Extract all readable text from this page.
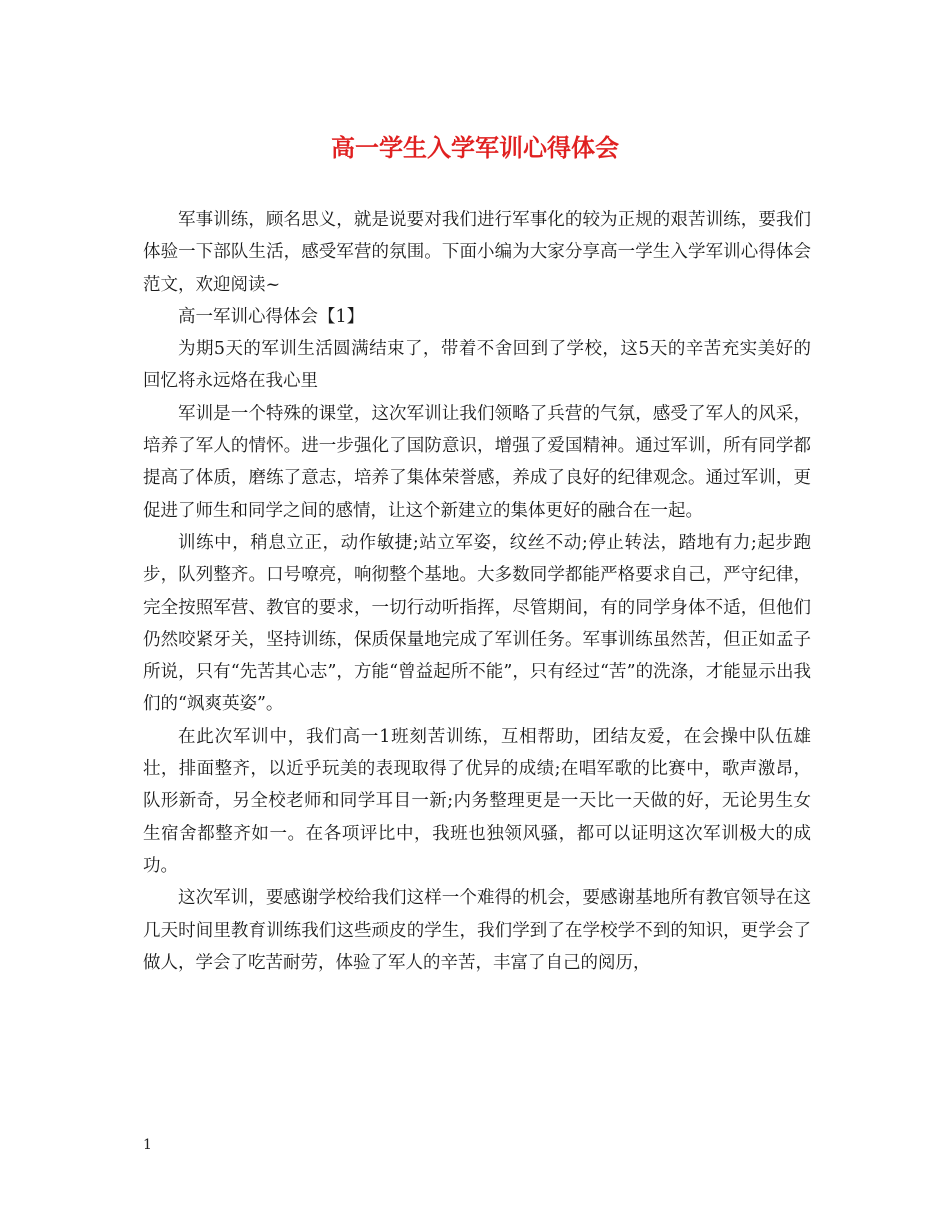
高一学生入学军训心得体会

军事训练，顾名思义，就是说要对我们进行军事化的较为正规的艰苦训练，要我们体验一下部队生活，感受军营的氛围。下面小编为大家分享高一学生入学军训心得体会范文，欢迎阅读~

高一军训心得体会【1】

为期5天的军训生活圆满结束了，带着不舍回到了学校，这5天的辛苦充实美好的回忆将永远烙在我心里

军训是一个特殊的课堂，这次军训让我们领略了兵营的气氛，感受了军人的风采，培养了军人的情怀。进一步强化了国防意识，增强了爱国精神。通过军训，所有同学都提高了体质，磨练了意志，培养了集体荣誉感，养成了良好的纪律观念。通过军训，更促进了师生和同学之间的感情，让这个新建立的集体更好的融合在一起。

训练中，稍息立正，动作敏捷;站立军姿，纹丝不动;停止转法，踏地有力;起步跑步，队列整齐。口号嘹亮，响彻整个基地。大多数同学都能严格要求自己，严守纪律，完全按照军营、教官的要求，一切行动听指挥，尽管期间，有的同学身体不适，但他们仍然咬紧牙关，坚持训练，保质保量地完成了军训任务。军事训练虽然苦，但正如孟子所说，只有“先苦其心志”，方能“曾益起所不能”，只有经过“苦”的洗涤，才能显示出我们的“飒爽英姿”。

在此次军训中，我们高一1班刻苦训练，互相帮助，团结友爱，在会操中队伍雄壮，排面整齐，以近乎玩美的表现取得了优异的成绩;在唱军歌的比赛中，歌声激昂，队形新奇，另全校老师和同学耳目一新;内务整理更是一天比一天做的好，无论男生女生宿舍都整齐如一。在各项评比中，我班也独领风骚，都可以证明这次军训极大的成功。

这次军训，要感谢学校给我们这样一个难得的机会，要感谢基地所有教官领导在这几天时间里教育训练我们这些顽皮的学生，我们学到了在学校学不到的知识，更学会了做人，学会了吃苦耐劳，体验了军人的辛苦，丰富了自己的阅历，

1
